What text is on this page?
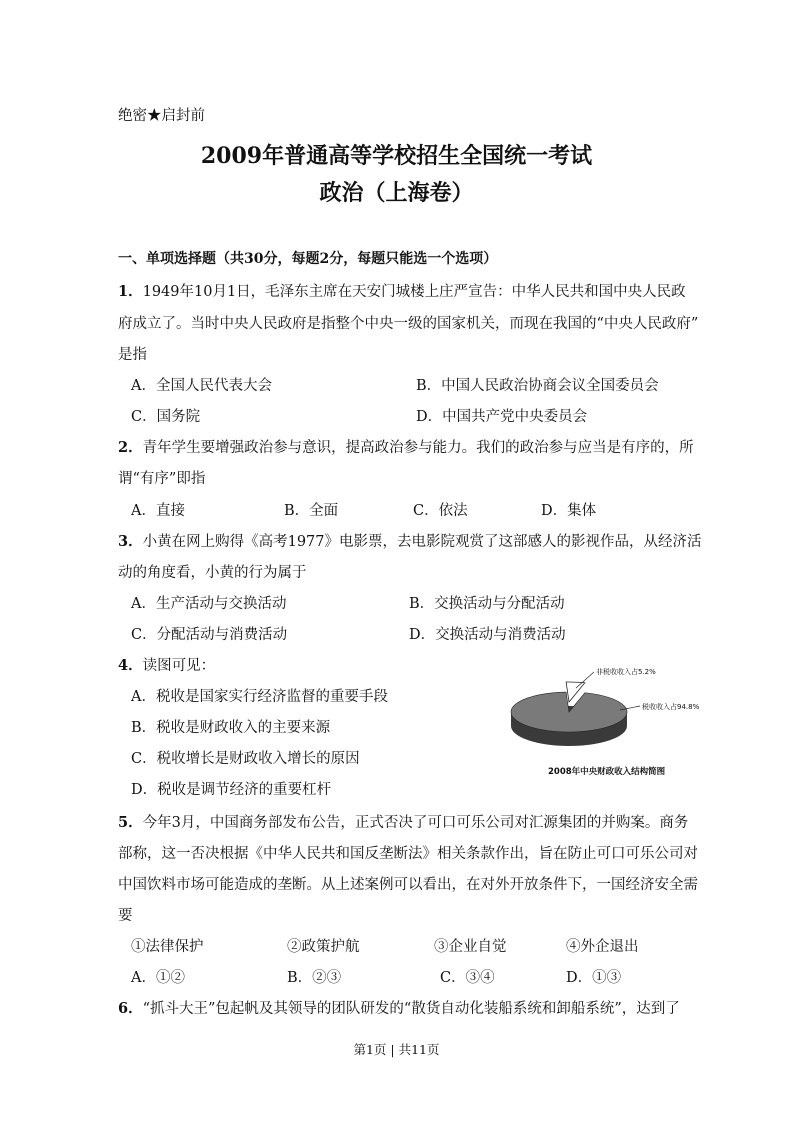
绝密★启封前
2009年普通高等学校招生全国统一考试
政治（上海卷）
一、单项选择题（共30分，每题2分，每题只能选一个选项）
1．1949年10月1日，毛泽东主席在天安门城楼上庄严宣告：中华人民共和国中央人民政
府成立了。当时中央人民政府是指整个中央一级的国家机关，而现在我国的“中央人民政府”
是指
A．全国人民代表大会	B．中国人民政治协商会议全国委员会
C．国务院	D．中国共产党中央委员会
2．青年学生要增强政治参与意识，提高政治参与能力。我们的政治参与应当是有序的，所
谓“有序”即指
A．直接	B．全面	C．依法	D．集体
3．小黄在网上购得《高考1977》电影票，去电影院观赏了这部感人的影视作品，从经济活
动的角度看，小黄的行为属于
A．生产活动与交换活动	B．交换活动与分配活动
C．分配活动与消费活动	D．交换活动与消费活动
4．读图可见：
A．税收是国家实行经济监督的重要手段
B．税收是财政收入的主要来源
C．税收增长是财政收入增长的原因
D．税收是调节经济的重要杠杆
非税收收入占5.2%
税收收入占94.8%
2008年中央财政收入结构简图
5．今年3月，中国商务部发布公告，正式否决了可口可乐公司对汇源集团的并购案。商务
部称，这一否决根据《中华人民共和国反垄断法》相关条款作出，旨在防止可口可乐公司对
中国饮料市场可能造成的垄断。从上述案例可以看出，在对外开放条件下，一国经济安全需
要
①法律保护	②政策护航	③企业自觉	④外企退出
A．①②	B．②③	C．③④	D．①③
6．“抓斗大王”包起帆及其领导的团队研发的“散货自动化装船系统和卸船系统”，达到了
第1页 | 共11页
